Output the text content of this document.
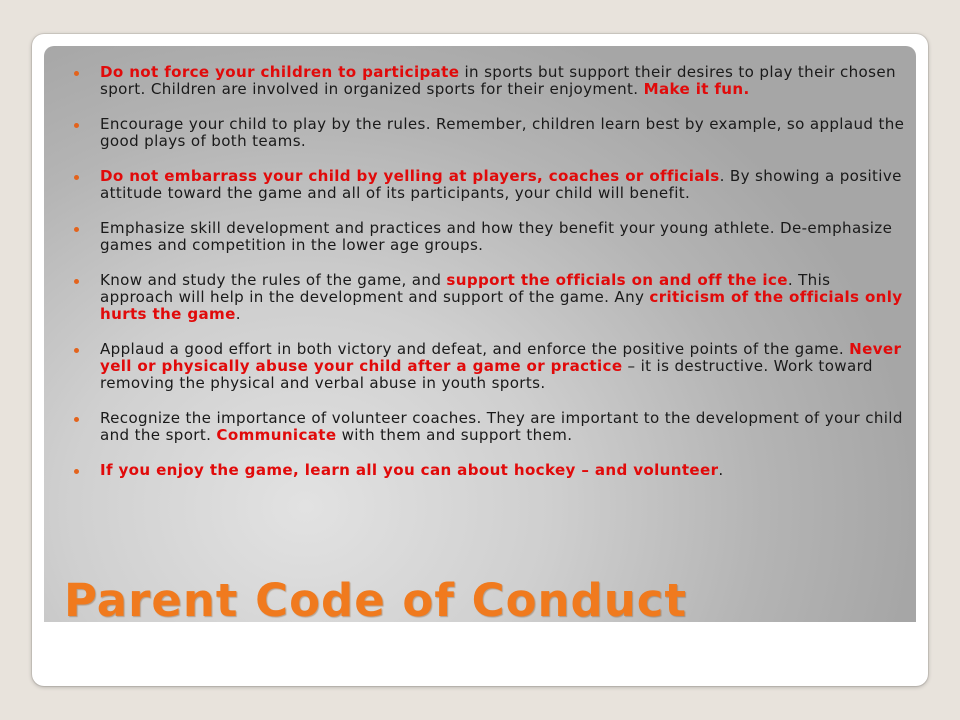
Do not force your children to participate in sports but support their desires to play their chosen sport. Children are involved in organized sports for their enjoyment. Make it fun.
Encourage your child to play by the rules. Remember, children learn best by example, so applaud the good plays of both teams.
Do not embarrass your child by yelling at players, coaches or officials. By showing a positive attitude toward the game and all of its participants, your child will benefit.
Emphasize skill development and practices and how they benefit your young athlete. De-emphasize games and competition in the lower age groups.
Know and study the rules of the game, and support the officials on and off the ice. This approach will help in the development and support of the game. Any criticism of the officials only hurts the game.
Applaud a good effort in both victory and defeat, and enforce the positive points of the game. Never yell or physically abuse your child after a game or practice – it is destructive. Work toward removing the physical and verbal abuse in youth sports.
Recognize the importance of volunteer coaches. They are important to the development of your child and the sport. Communicate with them and support them.
If you enjoy the game, learn all you can about hockey – and volunteer.
Parent Code of Conduct
